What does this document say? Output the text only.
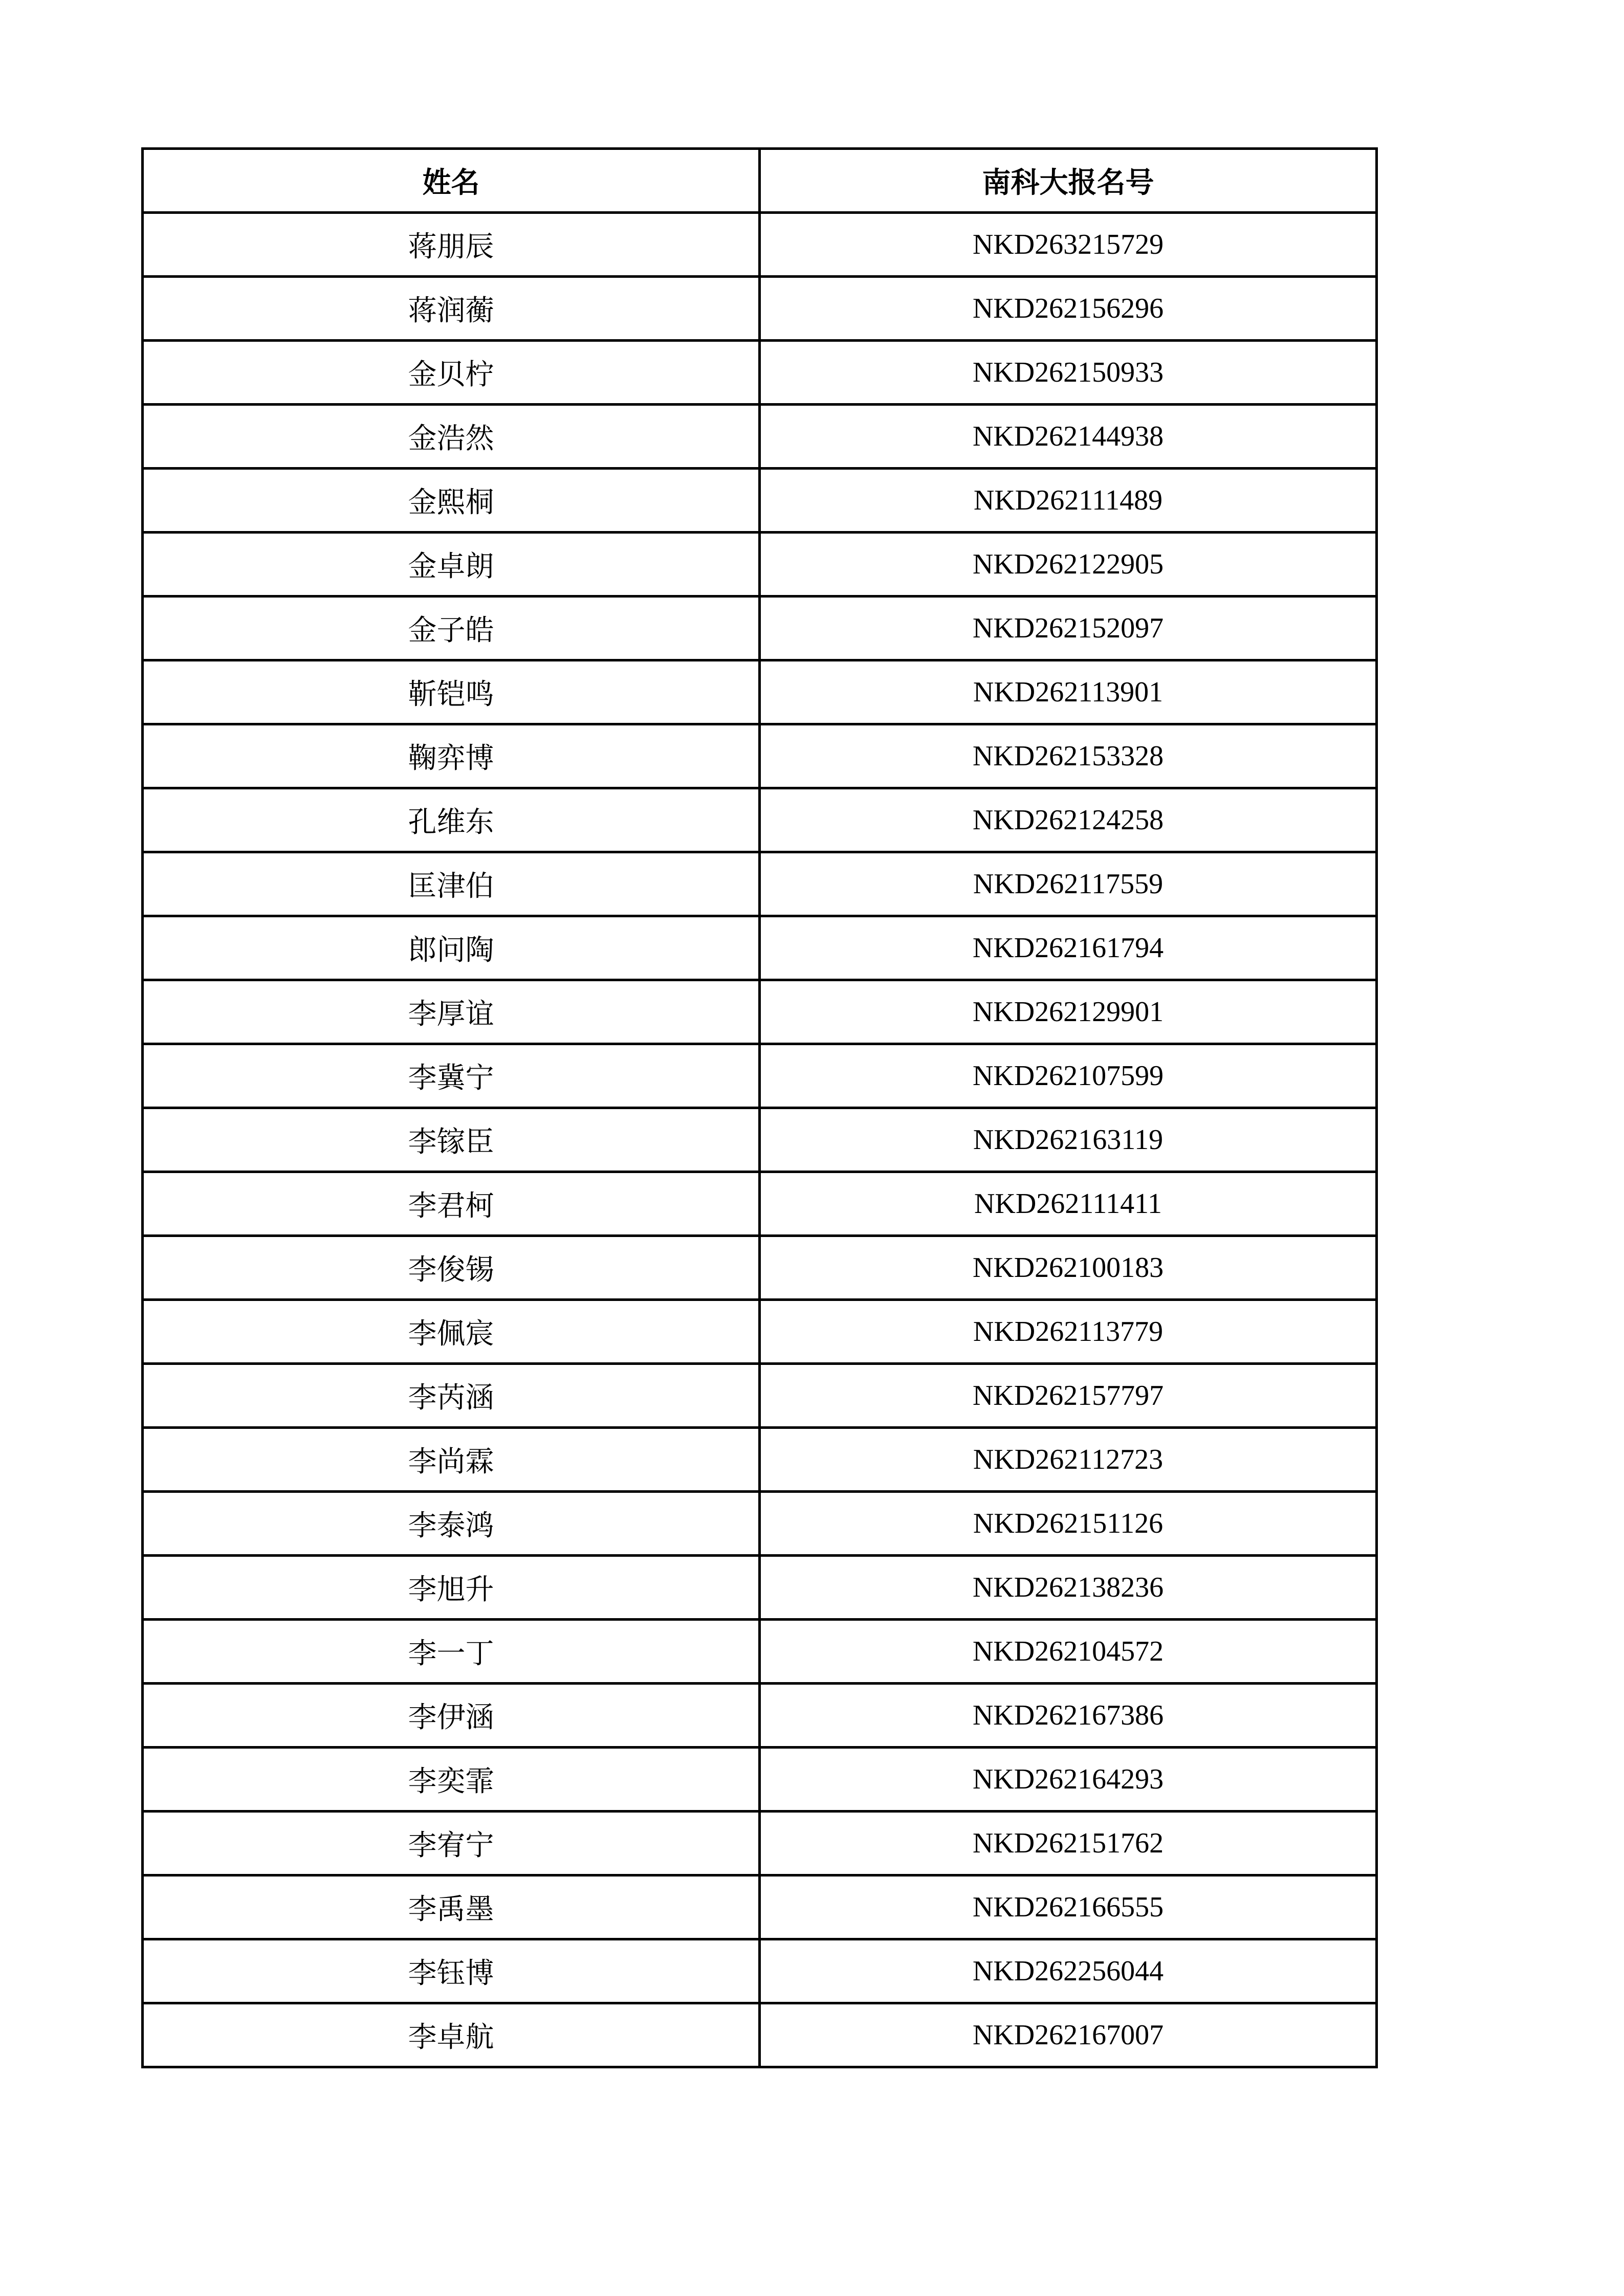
姓名	南科大报名号
蒋朋辰	NKD263215729
蒋润蘅	NKD262156296
金贝柠	NKD262150933
金浩然	NKD262144938
金熙桐	NKD262111489
金卓朗	NKD262122905
金子皓	NKD262152097
靳铠鸣	NKD262113901
鞠弈博	NKD262153328
孔维东	NKD262124258
匡津伯	NKD262117559
郎问陶	NKD262161794
李厚谊	NKD262129901
李冀宁	NKD262107599
李镓臣	NKD262163119
李君柯	NKD262111411
李俊锡	NKD262100183
李佩宸	NKD262113779
李芮涵	NKD262157797
李尚霖	NKD262112723
李泰鸿	NKD262151126
李旭升	NKD262138236
李一丁	NKD262104572
李伊涵	NKD262167386
李奕霏	NKD262164293
李宥宁	NKD262151762
李禹墨	NKD262166555
李钰博	NKD262256044
李卓航	NKD262167007
